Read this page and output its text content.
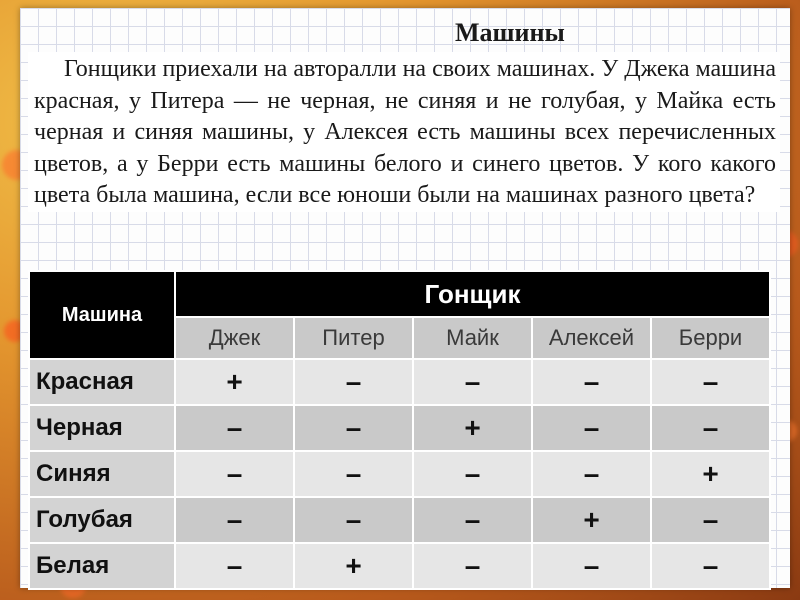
Машины
Гонщики приехали на авторалли на своих машинах. У Джека машина красная, у Питера — не черная, не синяя и не голубая, у Майка есть черная и синяя машины, у Алексея есть машины всех перечисленных цветов, а у Берри есть машины белого и синего цветов. У кого какого цвета была машина, если все юноши были на машинах разного цвета?
Машина	Гонщик				
	Джек	Питер	Майк	Алексей	Берри
Красная	+	–	–	–	–
Черная	–	–	+	–	–
Синяя	–	–	–	–	+
Голубая	–	–	–	+	–
Белая	–	+	–	–	–
